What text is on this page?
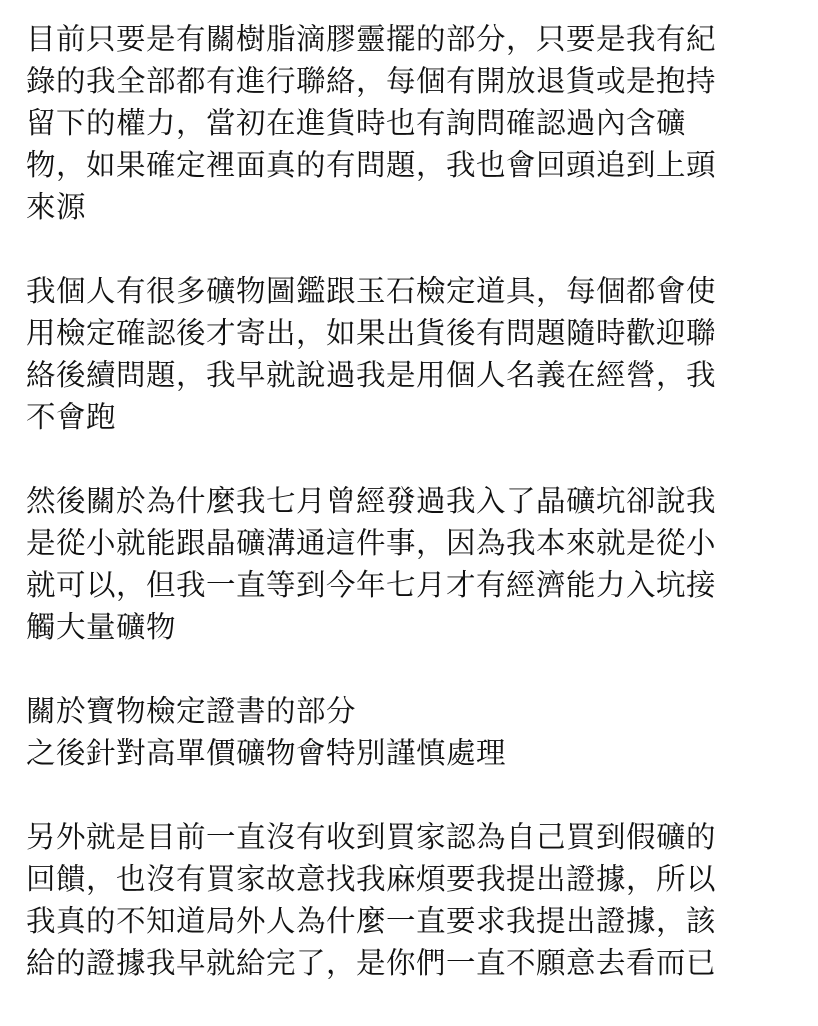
目前只要是有關樹脂滴膠靈擺的部分，只要是我有紀
錄的我全部都有進行聯絡，每個有開放退貨或是抱持
留下的權力，當初在進貨時也有詢問確認過內含礦
物，如果確定裡面真的有問題，我也會回頭追到上頭
來源
我個人有很多礦物圖鑑跟玉石檢定道具，每個都會使
用檢定確認後才寄出，如果出貨後有問題隨時歡迎聯
絡後續問題，我早就說過我是用個人名義在經營，我
不會跑
然後關於為什麼我七月曾經發過我入了晶礦坑卻說我
是從小就能跟晶礦溝通這件事，因為我本來就是從小
就可以，但我一直等到今年七月才有經濟能力入坑接
觸大量礦物
關於寶物檢定證書的部分
之後針對高單價礦物會特別謹慎處理
另外就是目前一直沒有收到買家認為自己買到假礦的
回饋，也沒有買家故意找我麻煩要我提出證據，所以
我真的不知道局外人為什麼一直要求我提出證據，該
給的證據我早就給完了，是你們一直不願意去看而已
